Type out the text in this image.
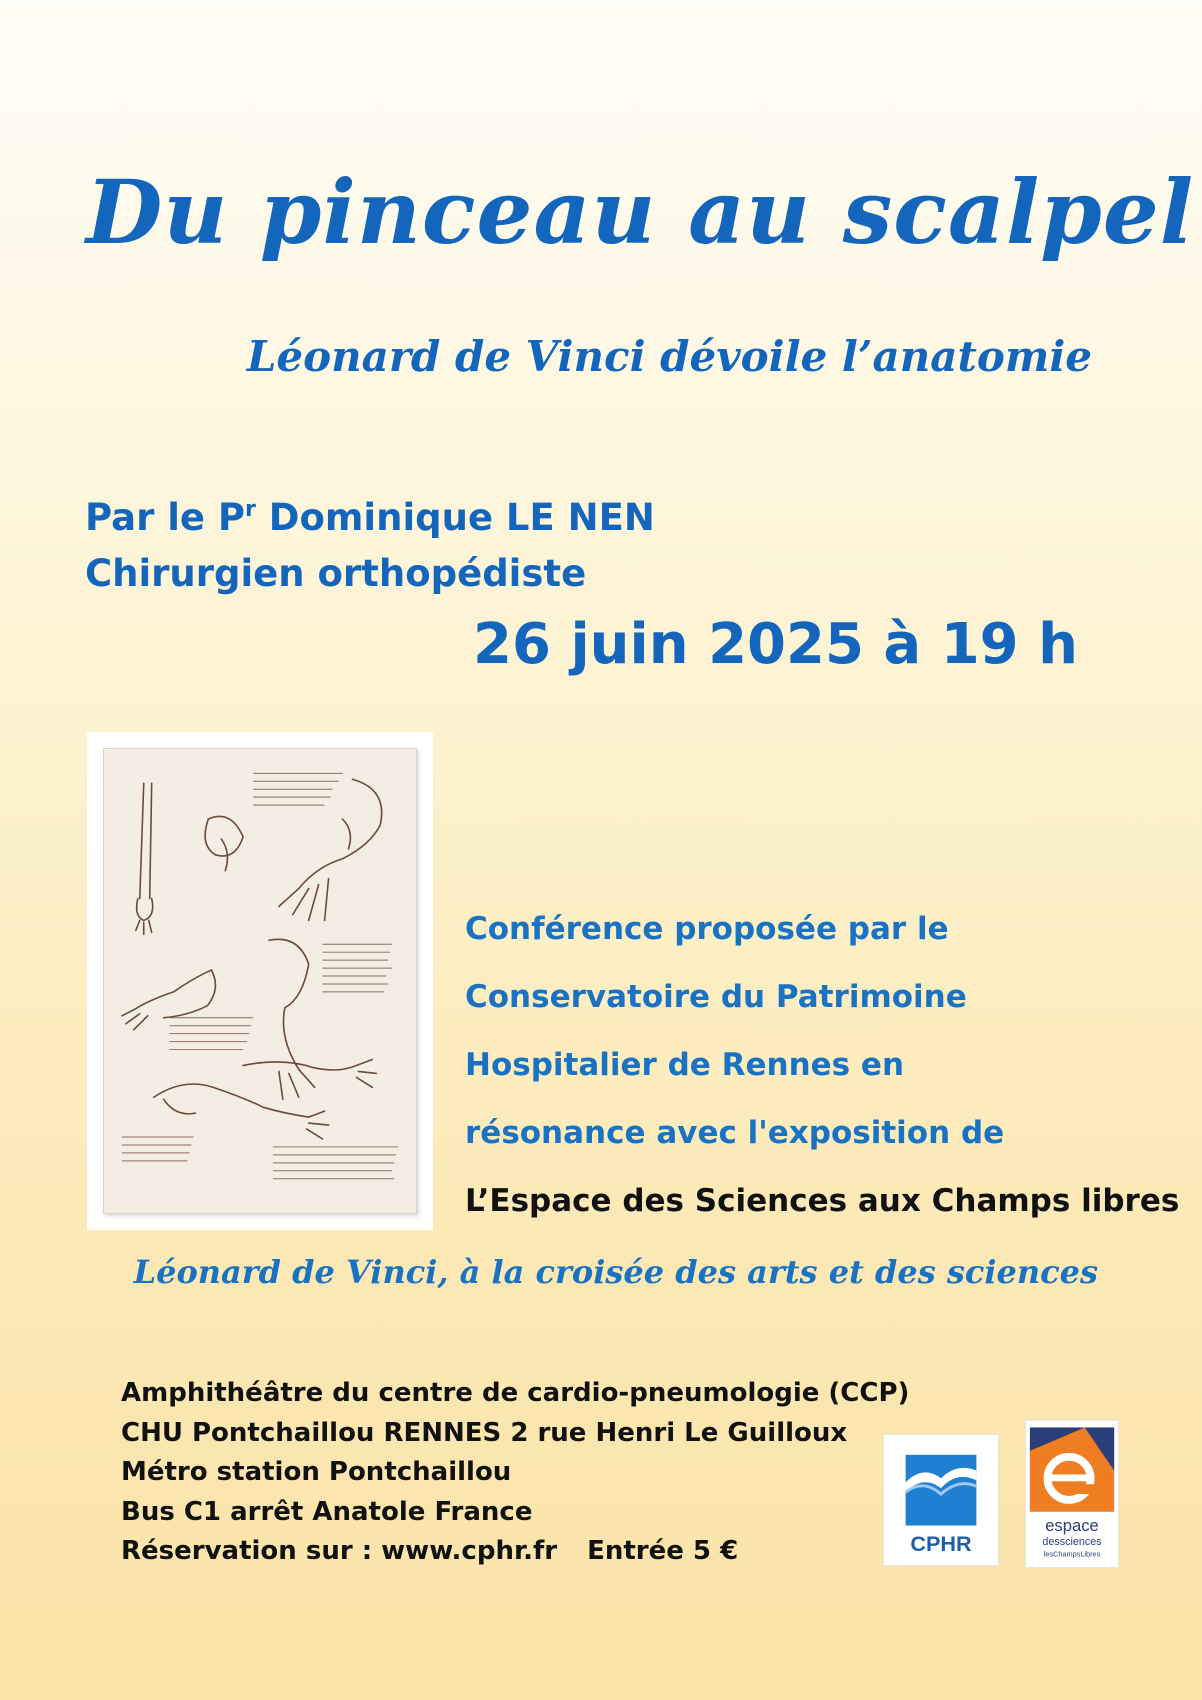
Du pinceau au scalpel
Léonard de Vinci dévoile l’anatomie
Par le $P^r$ Dominique LE NEN
Chirurgien orthopédiste
26 juin 2025 à 19 h
Conférence proposée par le
Conservatoire du Patrimoine
Hospitalier de Rennes en
résonance avec l'exposition de
L’Espace des Sciences aux Champs libres
Léonard de Vinci, à la croisée des arts et des sciences
Amphithéâtre du centre de cardio-pneumologie (CCP)
CHU Pontchaillou RENNES 2 rue Henri Le Guilloux
Métro station Pontchaillou
Bus C1 arrêt Anatole France
Réservation sur : www.cphr.fr Entrée 5 €	CPHR
espace
dessciences
lesChampsLibres
